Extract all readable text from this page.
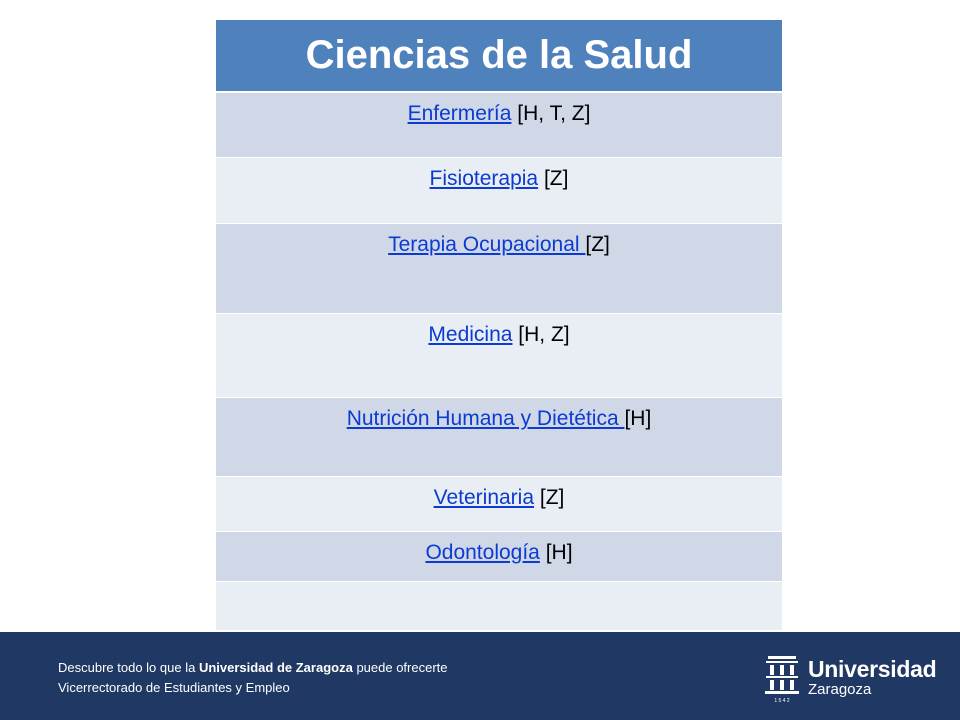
Ciencias de la Salud
Enfermería [H, T, Z]
Fisioterapia [Z]
Terapia Ocupacional [Z]
Medicina [H, Z]
Nutrición Humana y Dietética [H]
Veterinaria [Z]
Odontología [H]
Descubre todo lo que la Universidad de Zaragoza puede ofrecerte
Vicerrectorado de Estudiantes y Empleo
1 5 4 2
Universidad
Zaragoza
